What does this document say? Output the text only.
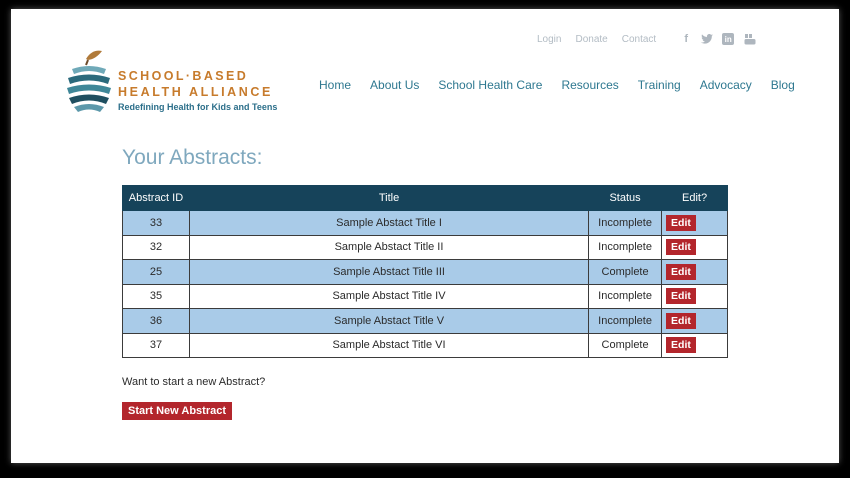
Login Donate Contact	f	in
SCHOOL·BASED
HEALTH ALLIANCE
Redefining Health for Kids and Teens
Home About Us School Health Care Resources Training Advocacy Blog
Your Abstracts:
Abstract ID	Title	Status	Edit?
33	Sample Abstact Title I	Incomplete	Edit
32	Sample Abstact Title II	Incomplete	Edit
25	Sample Abstact Title III	Complete	Edit
35	Sample Abstact Title IV	Incomplete	Edit
36	Sample Abstact Title V	Incomplete	Edit
37	Sample Abstact Title VI	Complete	Edit

Want to start a new Abstract?

Start New Abstract
